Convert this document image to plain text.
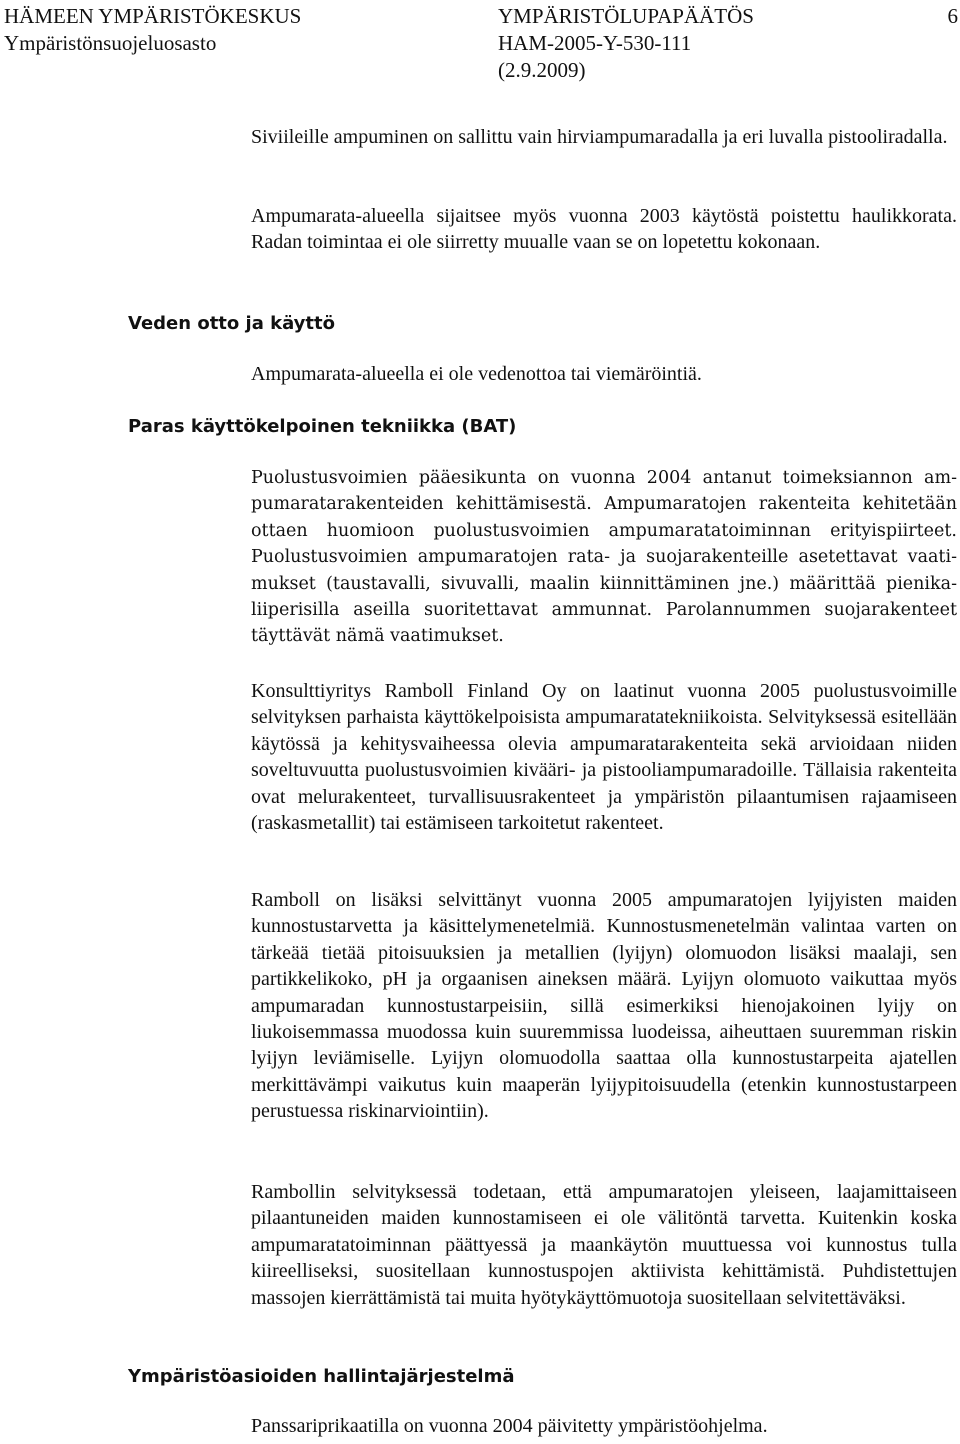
HÄMEEN YMPÄRISTÖKESKUS
Ympäristönsuojeluosasto
YMPÄRISTÖLUPAPÄÄTÖS
HAM-2005-Y-530-111
(2.9.2009)
6
Siviileille ampuminen on sallittu vain hirviampumaradalla ja eri luvalla pistooliradalla.
Ampumarata-alueella sijaitsee myös vuonna 2003 käytöstä poistettu haulikkorata. Radan toimintaa ei ole siirretty muualle vaan se on lopetettu kokonaan.
Veden otto ja käyttö
Ampumarata-alueella ei ole vedenottoa tai viemäröintiä.
Paras käyttökelpoinen tekniikka (BAT)
Puolustusvoimien pääesikunta on vuonna 2004 antanut toimeksiannon ampumaratarakenteiden kehittämisestä. Ampumaratojen rakenteita kehitetään ottaen huomioon puolustusvoimien ampumaratatoiminnan erityispiirteet. Puolustusvoimien ampumaratojen rata- ja suojarakenteille asetettavat vaatimukset (taustavalli, sivuvalli, maalin kiinnittäminen jne.) määrittää pienikaliiperisilla aseilla suoritettavat ammunnat. Parolannummen suojarakenteet täyttävät nämä vaatimukset.
Konsulttiyritys Ramboll Finland Oy on laatinut vuonna 2005 puolustusvoimille selvityksen parhaista käyttökelpoisista ampumaratatekniikoista. Selvityksessä esitellään käytössä ja kehitysvaiheessa olevia ampumaratarakenteita sekä arvioidaan niiden soveltuvuutta puolustusvoimien kivääri- ja pistooliampumaradoille. Tällaisia rakenteita ovat melurakenteet, turvallisuusrakenteet ja ympäristön pilaantumisen rajaamiseen (raskasmetallit) tai estämiseen tarkoitetut rakenteet.
Ramboll on lisäksi selvittänyt vuonna 2005 ampumaratojen lyijyisten maiden kunnostustarvetta ja käsittelymenetelmiä. Kunnostusmenetelmän valintaa varten on tärkeää tietää pitoisuuksien ja metallien (lyijyn) olomuodon lisäksi maalaji, sen partikkelikoko, pH ja orgaanisen aineksen määrä. Lyijyn olomuoto vaikuttaa myös ampumaradan kunnostustarpeisiin, sillä esimerkiksi hienojakoinen lyijy on liukoisemmassa muodossa kuin suuremmissa luodeissa, aiheuttaen suuremman riskin lyijyn leviämiselle. Lyijyn olomuodolla saattaa olla kunnostustarpeita ajatellen merkittävämpi vaikutus kuin maaperän lyijypitoisuudella (etenkin kunnostustarpeen perustuessa riskinarviointiin).
Rambollin selvityksessä todetaan, että ampumaratojen yleiseen, laajamittaiseen pilaantuneiden maiden kunnostamiseen ei ole välitöntä tarvetta. Kuitenkin koska ampumaratatoiminnan päättyessä ja maankäytön muuttuessa voi kunnostus tulla kiireelliseksi, suositellaan kunnostuspojen aktiivista kehittämistä. Puhdistettujen massojen kierrättämistä tai muita hyötykäyttömuotoja suositellaan selvitettäväksi.
Ympäristöasioiden hallintajärjestelmä
Panssariprikaatilla on vuonna 2004 päivitetty ympäristöohjelma.
